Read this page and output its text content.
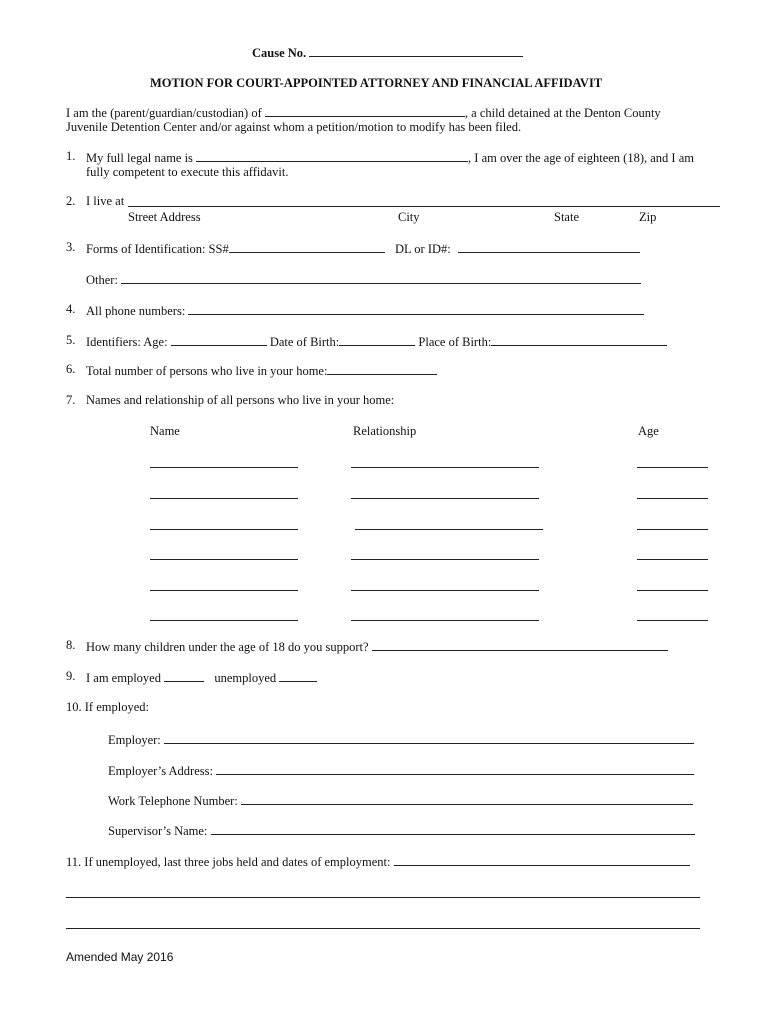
Cause No.
MOTION FOR COURT-APPOINTED ATTORNEY AND FINANCIAL AFFIDAVIT
I am the (parent/guardian/custodian) of	, a child detained at the Denton County
Juvenile Detention Center and/or against whom a petition/motion to modify has been filed.
1. My full legal name is	, I am over the age of eighteen (18), and I am
fully competent to execute this affidavit.
2. I live at
Street Address	City	State	Zip
3. Forms of Identification: SS#	DL or ID#:
Other:
4. All phone numbers:
5. Identifiers: Age:	Date of Birth:	Place of Birth:
6. Total number of persons who live in your home:
7. Names and relationship of all persons who live in your home:
Name	Relationship	Age
8. How many children under the age of 18 do you support?
9. I am employed	unemployed
10. If employed:
Employer:
Employer’s Address:
Work Telephone Number:
Supervisor’s Name:
11. If unemployed, last three jobs held and dates of employment:
Amended May 2016
